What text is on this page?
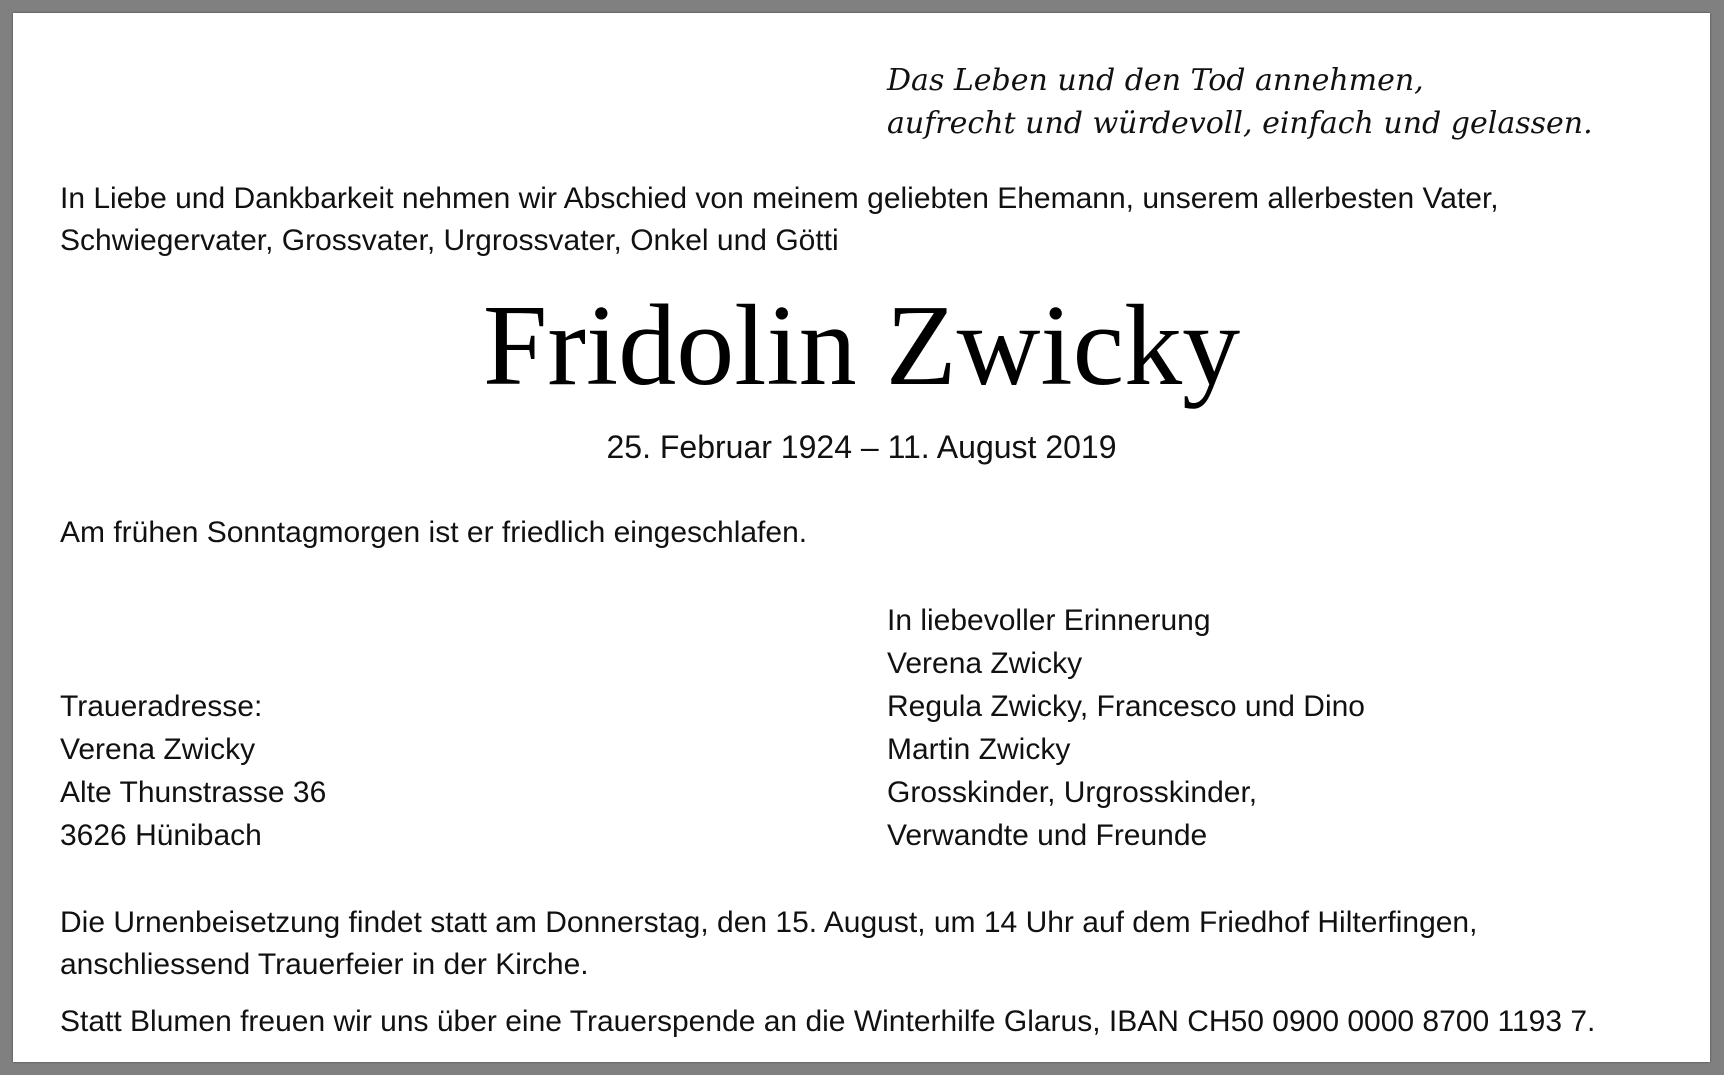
Das Leben und den Tod annehmen,
aufrecht und würdevoll, einfach und gelassen.
In Liebe und Dankbarkeit nehmen wir Abschied von meinem geliebten Ehemann, unserem allerbesten Vater,
Schwiegervater, Grossvater, Urgrossvater, Onkel und Götti
Fridolin Zwicky
25. Februar 1924 – 11. August 2019
Am frühen Sonntagmorgen ist er friedlich eingeschlafen.
In liebevoller Erinnerung
Verena Zwicky
Regula Zwicky, Francesco und Dino
Martin Zwicky
Grosskinder, Urgrosskinder,
Verwandte und Freunde
Traueradresse:
Verena Zwicky
Alte Thunstrasse 36
3626 Hünibach
Die Urnenbeisetzung findet statt am Donnerstag, den 15. August, um 14 Uhr auf dem Friedhof Hilterfingen,
anschliessend Trauerfeier in der Kirche.
Statt Blumen freuen wir uns über eine Trauerspende an die Winterhilfe Glarus, IBAN CH50 0900 0000 8700 1193 7.
